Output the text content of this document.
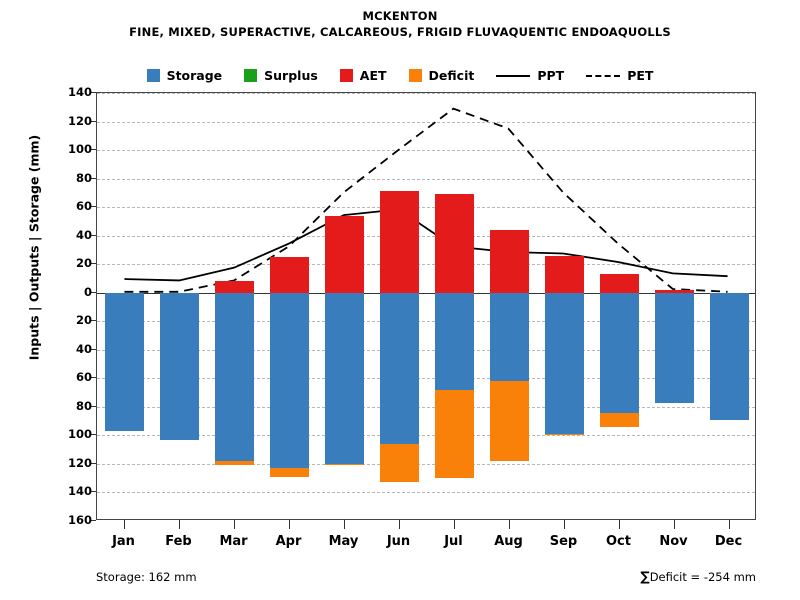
MCKENTON
FINE, MIXED, SUPERACTIVE, CALCAREOUS, FRIGID FLUVAQUENTIC ENDOAQUOLLS
Storage	Surplus	AET	Deficit	PPT	PET
140
120
100
80
60
40
20
0
20
40
60
80
100
120
140
160
Jan Feb Mar Apr May Jun	Jul Aug Sep Oct Nov Dec
Inputs | Outputs | Storage (mm)
Storage: 162 mm	∑Deficit = -254 mm
